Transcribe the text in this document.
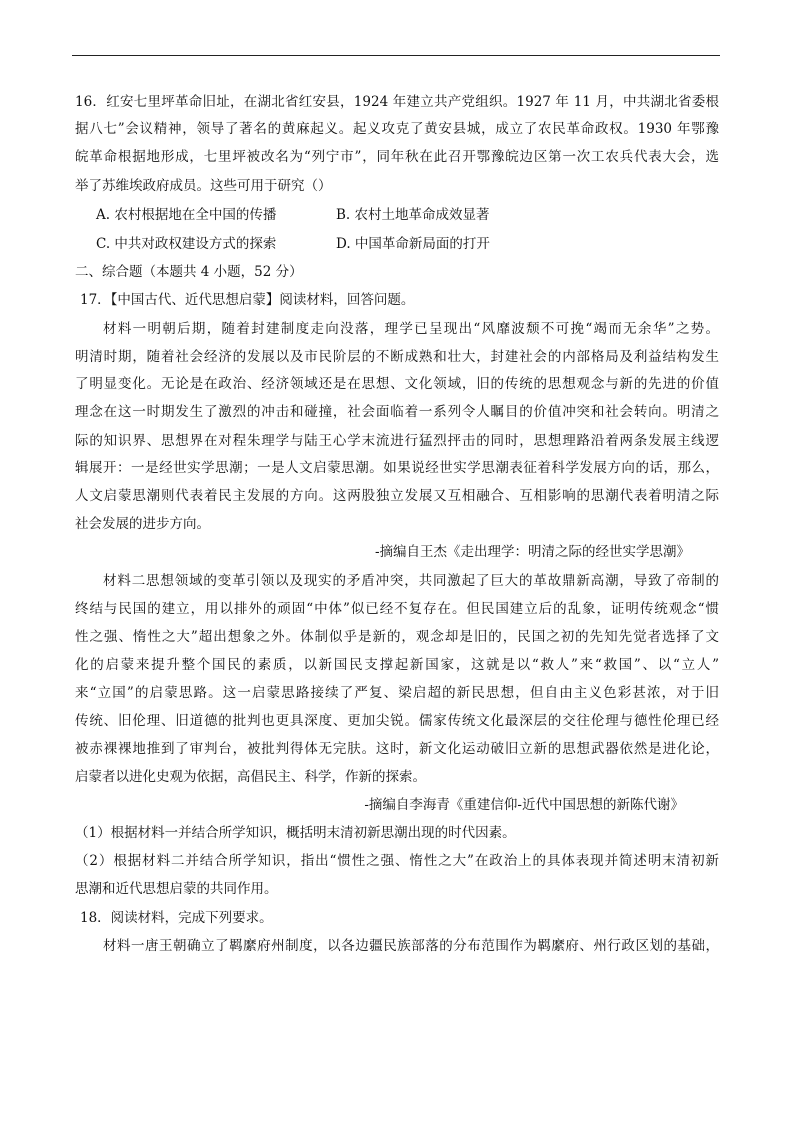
16．红安七里坪革命旧址，在湖北省红安县，1924 年建立共产党组织。1927 年 11 月，中共湖北省委根
据八七”会议精神，领导了著名的黄麻起义。起义攻克了黄安县城，成立了农民革命政权。1930 年鄂豫
皖革命根据地形成，七里坪被改名为“列宁市”，同年秋在此召开鄂豫皖边区第一次工农兵代表大会，选
举了苏维埃政府成员。这些可用于研究（）
A. 农村根据地在全中国的传播	B. 农村土地革命成效显著
C. 中共对政权建设方式的探索	D. 中国革命新局面的打开
二、综合题（本题共 4 小题，52 分）
17．【中国古代、近代思想启蒙】阅读材料，回答问题。
材料一明朝后期，随着封建制度走向没落，理学已呈现出“风靡波颓不可挽“竭而无余华”之势。
明清时期，随着社会经济的发展以及市民阶层的不断成熟和壮大，封建社会的内部格局及利益结构发生
了明显变化。无论是在政治、经济领域还是在思想、文化领域，旧的传统的思想观念与新的先进的价值
理念在这一时期发生了激烈的冲击和碰撞，社会面临着一系列令人瞩目的价值冲突和社会转向。明清之
际的知识界、思想界在对程朱理学与陆王心学末流进行猛烈抨击的同时，思想理路沿着两条发展主线逻
辑展开：一是经世实学思潮；一是人文启蒙思潮。如果说经世实学思潮表征着科学发展方向的话，那么，
人文启蒙思潮则代表着民主发展的方向。这两股独立发展又互相融合、互相影响的思潮代表着明清之际
社会发展的进步方向。
-摘编自王杰《走出理学：明清之际的经世实学思潮》
材料二思想领域的变革引领以及现实的矛盾冲突，共同激起了巨大的革故鼎新高潮，导致了帝制的
终结与民国的建立，用以排外的顽固“中体”似已经不复存在。但民国建立后的乱象，证明传统观念“惯
性之强、惰性之大”超出想象之外。体制似乎是新的，观念却是旧的，民国之初的先知先觉者选择了文
化的启蒙来提升整个国民的素质，以新国民支撑起新国家，这就是以“救人”来“救国”、以“立人”
来“立国”的启蒙思路。这一启蒙思路接续了严复、梁启超的新民思想，但自由主义色彩甚浓，对于旧
传统、旧伦理、旧道德的批判也更具深度、更加尖锐。儒家传统文化最深层的交往伦理与德性伦理已经
被赤裸裸地推到了审判台，被批判得体无完肤。这时，新文化运动破旧立新的思想武器依然是进化论，
启蒙者以进化史观为依据，高倡民主、科学，作新的探索。
-摘编自李海青《重建信仰-近代中国思想的新陈代谢》
（1）根据材料一并结合所学知识，概括明末清初新思潮出现的时代因素。
（2）根据材料二并结合所学知识，指出“惯性之强、惰性之大”在政治上的具体表现并简述明末清初新
思潮和近代思想启蒙的共同作用。
18．阅读材料，完成下列要求。
材料一唐王朝确立了羁縻府州制度，以各边疆民族部落的分布范围作为羁縻府、州行政区划的基础，
